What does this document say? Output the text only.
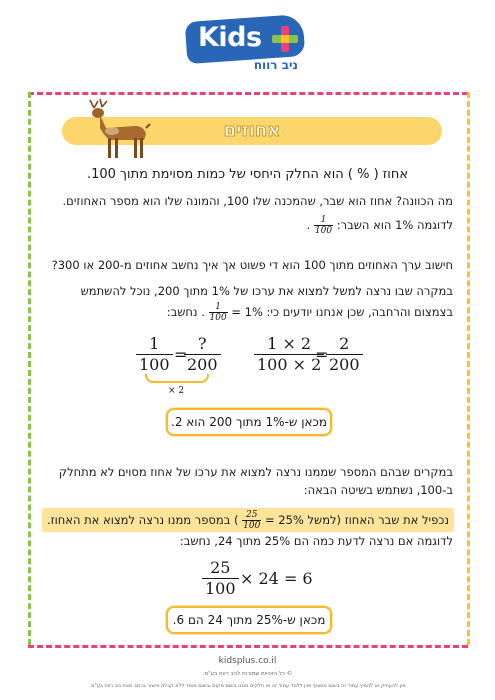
Kids
ניב רווח
אחוזים
אחוז ( % ) הוא החלק היחסי של כמות מסוימת מתוך 100.
מה הכוונה? אחוז הוא שבר, שהמכנה שלו 100, והמונה שלו הוא מספר האחוזים.
לדוגמה 1% הוא השבר:
$\frac{1}{100}$
.
חישוב ערך האחוזים מתוך 100 הוא די פשוט אך איך נחשב אחוזים מ-200 או 300?
במקרה שבו נרצה למשל למצוא את ערכו של 1% מתוך 200, נוכל להשתמש
בצמצום והרחבה, שכן אנחנו יודעים כי: 1% =
$\frac{1}{100}$
. נחשב:
$\frac{1}{100}$ =
?
200
× 2
$\frac{1 \times 2}{100 \times 2}$
=
$\frac{2}{200}$
מכאן ש-1% מתוך 200 הוא 2.
במקרים שבהם המספר שממנו נרצה למצוא את ערכו של אחוז מסוים לא מתחלק
ב-100, נשתמש בשיטה הבאה:
נכפיל את שבר האחוז (למשל 25% =
$\frac{25}{100}$
) במספר ממנו נרצה למצוא את האחוז.
לדוגמה אם נרצה לדעת כמה הם 25% מתוך 24, נחשב:
$\frac{25}{100} \times 24 = 6$
מכאן ש-25% מתוך 24 הם 6.
kidsplus.co.il
© כל הזכויות שמורות לניב רווח בע"מ.
אין להעתיק או להפיץ עמוד זה בשום אמצעי ואין ללמד עמוד זה או חלקים ממנו בשום מקום ובשום מוסד ללא קבלת אישור בכתב מאת ניב רווח בע"מ.
